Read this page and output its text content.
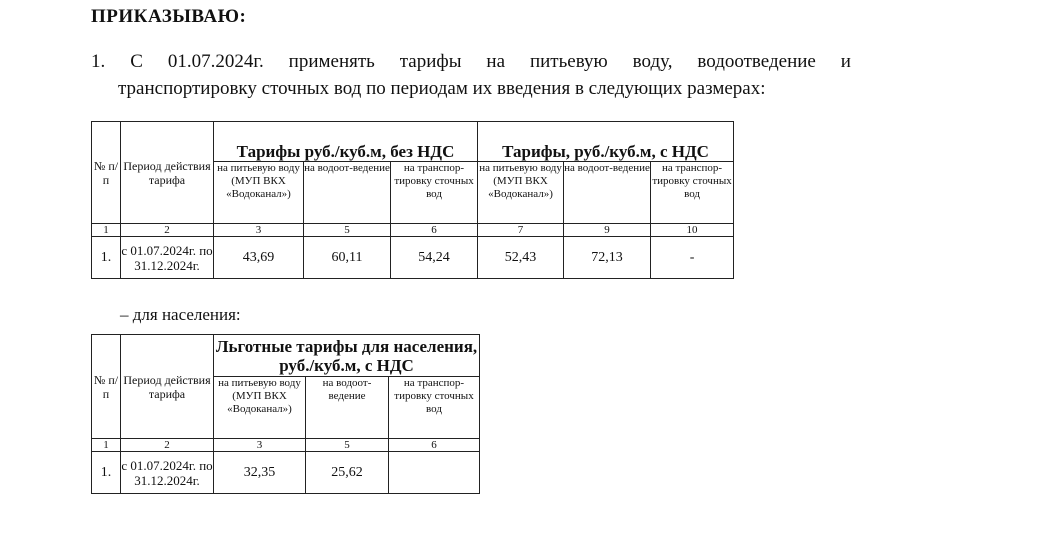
ПРИКАЗЫВАЮ:
1. С 01.07.2024г. применять тарифы на питьевую воду, водоотведение и
транспортировку сточных вод по периодам их введения в следующих размерах:
№ п/ п	Период действия тарифа	Тарифы руб./куб.м, без НДС			Тарифы, руб./куб.м, с НДС		
		на питьевую воду (МУП ВКХ «Водоканал»)	на водоот-ведение	на транспор-тировку сточных вод	на питьевую воду (МУП ВКХ «Водоканал»)	на водоот-ведение	на транспор-тировку сточных вод
1	2	3	5	6	7	9	10
1.	с 01.07.2024г. по 31.12.2024г.	43,69	60,11	54,24	52,43	72,13	-
– для населения:
№ п/ п	Период действия тарифа	Льготные тарифы для населения, руб./куб.м, с НДС		
		на питьевую воду (МУП ВКХ «Водоканал»)	на водоот-ведение	на транспор-тировку сточных вод
1	2	3	5	6
1.	с 01.07.2024г. по 31.12.2024г.	32,35	25,62	
